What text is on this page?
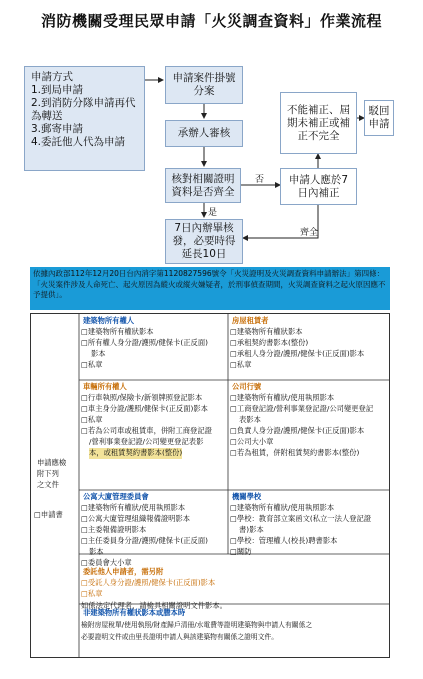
消防機關受理民眾申請「火災調查資料」作業流程
申請方式
1.到局申請
2.到消防分隊申請再代
為轉送
3.郵寄申請
4.委託他人代為申請
申請案件掛號
分案
承辦人審核
核對相關證明
資料是否齊全
7日內辦畢核
發，必要時得
延長10日
申請人應於7
日內補正
不能補正、屆
期未補正或補
正不完全
駁回
申請
否
是
齊全
依據內政部112年12月20日台內消字第1120827596號令「火災證明及火災調查資料申請辦法」第四條：「火災案件涉及人命死亡、起火原因為縱火或縱火嫌疑者，於刑事偵查期間，火災調查資料之起火原因應不予提供」。
申請應檢
附下列
之文件
□申請書
建築物所有權人
□建築物所有權狀影本
□所有權人身分證/護照/健保卡(正反面)
影本
□私章
房屋租賃者
□建築物所有權狀影本
□承租契約書影本(整份)
□承租人身分證/護照/健保卡(正反面)影本
□私章
車輛所有權人
□行車執照/保險卡/新領牌照登記影本
□車主身分證/護照/健保卡(正反面)影本
□私章
□若為公司車或租賃車，併附工商登記證
/營利事業登記證/公司變更登記表影
本，或租賃契約書影本(整份)
公司行號
□建築物所有權狀/使用執照影本
□工商登記證/營利事業登記證/公司變更登記
表影本
□負責人身分證/護照/健保卡(正反面)影本
□公司大小章
□若為租賃，併附租賃契約書影本(整份)
公寓大廈管理委員會
□建築物所有權狀/使用執照影本
□公寓大廈管理組織報備證明影本
□主委報備證明影本
□主任委員身分證/護照/健保卡(正反面)
影本
□委員會大小章
機關學校
□建築物所有權狀/使用執照影本
□學校：教育部立案函文(私立一法人登記證
書)影本
□學校：管理權人(校長)聘書影本
□關防
委託他人申請者，需另附
□受託人身分證/護照/健保卡(正反面)影本
□私章
如係法定代理者，請檢具相關證明文件影本。
非建築物所有權狀影本或謄本時
檢附房屋稅單/使用執照/財產歸戶清冊/水電費等證明建築物與申請人有關係之
必要證明文件或由里長證明申請人與該建築物有關係之證明文件。
